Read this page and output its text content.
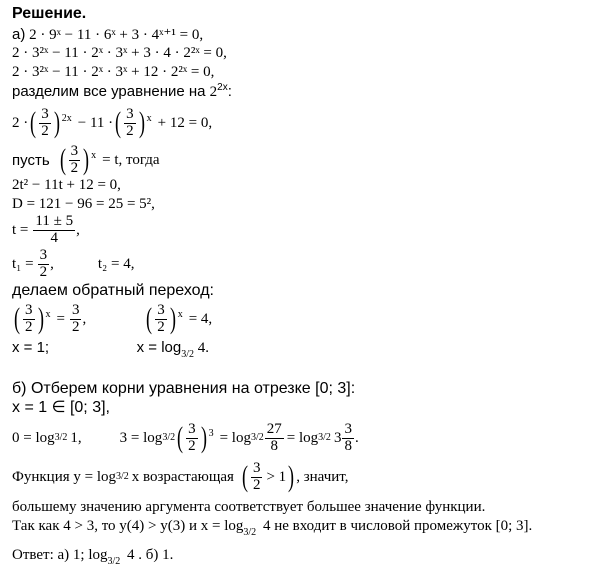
Решение.
а) 2 · 9ˣ − 11 · 6ˣ + 3 · 4ˣ⁺¹ = 0,
2 · 3²ˣ − 11 · 2ˣ · 3ˣ + 3 · 4 · 2²ˣ = 0,
2 · 3²ˣ − 11 · 2ˣ · 3ˣ + 12 · 2²ˣ = 0,
разделим все уравнение на $2^{2x}$:
2 · ( $\frac{3}{2}$ ) 2x − 11 · ( $\frac{3}{2}$ ) x + 12 = 0,
пусть ( $\frac{3}{2}$ ) x = t, тогда
2t² − 11t + 12 = 0,
D = 121 − 96 = 25 = 5²,
$t = \frac{11 \pm 5}{4}$ ,
$t_1 = \frac{3}{2}$ ,	t₂ = 4,
делаем обратный переход:
( $\frac{3}{2}$ ) $x = \frac{3}{2}$ , ( $\frac{3}{2}$ ) x = 4,
x = 1;	$x = \log_{3/2} 4$.
б) Отберем корни уравнения на отрезке [0; 3]:
x = 1 ∈ [0; 3],
0 = log 3/2 1,	3 = log 3/2 ( $\frac{3}{2}$ ) $3 = \log 3/2 \frac{27}{8} = \log 3/2$ $3 \frac{3}{8}$ .
Функция y = log 3/2 x возрастающая ( $\frac{3}{2} > 1$ ) , значит,
большему значению аргумента соответствует большее значение функции.
Так как 4 > 3, то y(4) > y(3) и $x = \log_{3/2} 4$ не входит в числовой промежуток [0; 3].
Ответ: а) 1; $\log_{3/2} 4$ . б) 1.
